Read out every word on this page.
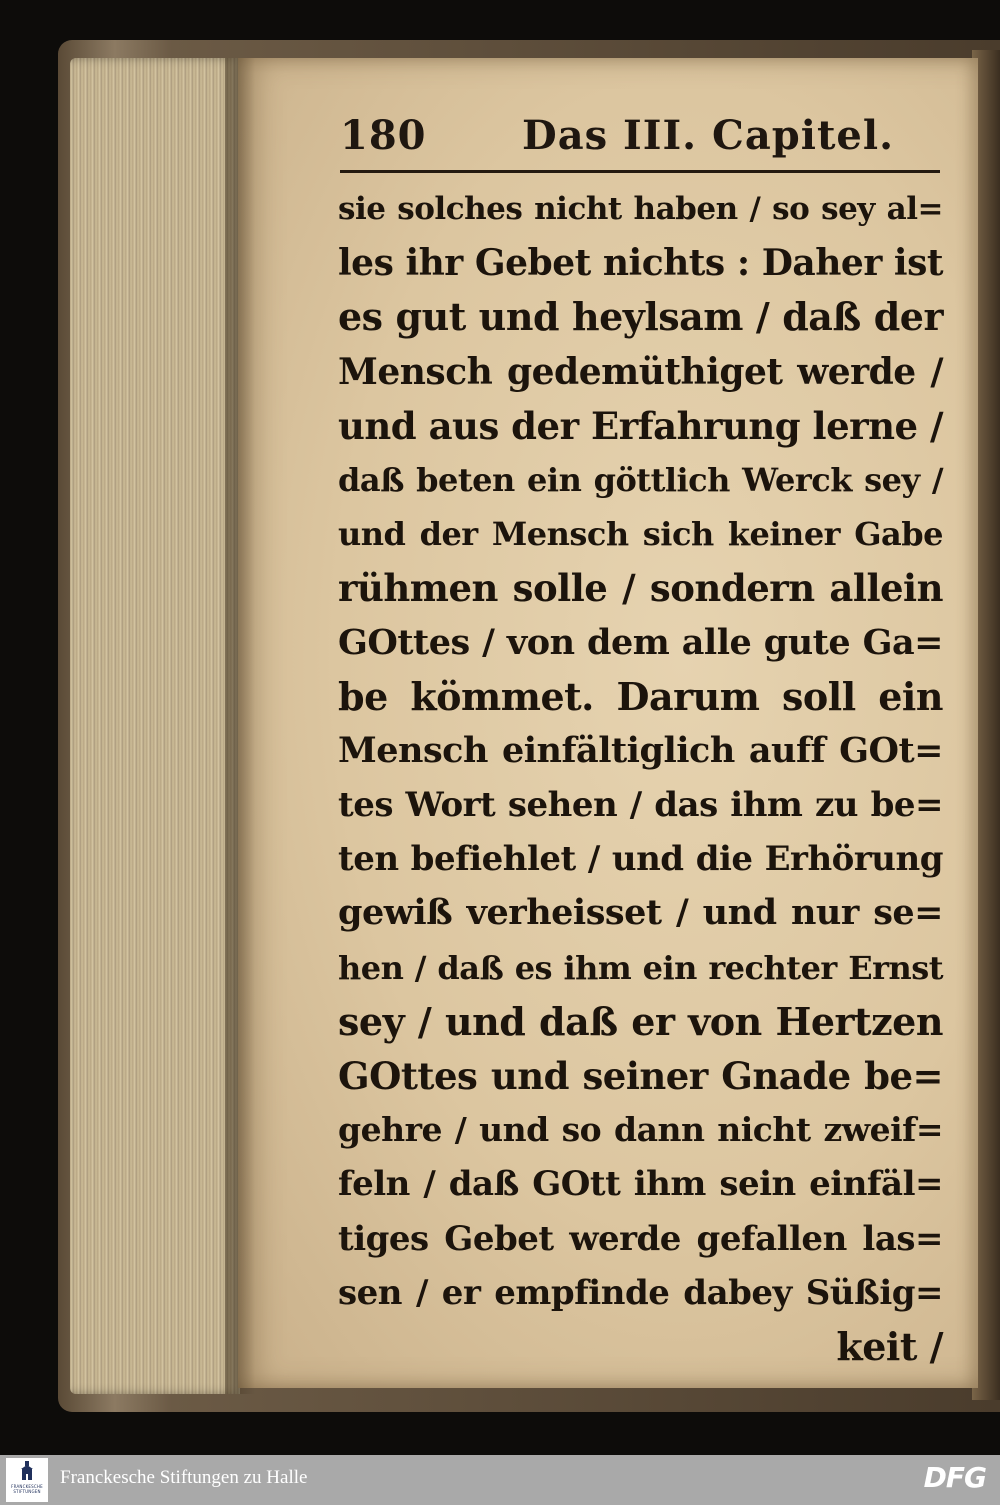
180 Das III. Capitel.
sie solches nicht haben / so sey al=
les ihr Gebet nichts : Daher ist
es gut und heylsam / daß der
Mensch gedemüthiget werde /
und aus der Erfahrung lerne /
daß beten ein göttlich Werck sey /
und der Mensch sich keiner Gabe
rühmen solle / sondern allein
GOttes / von dem alle gute Ga=
be kömmet. Darum soll ein
Mensch einfältiglich auff GOt=
tes Wort sehen / das ihm zu be=
ten befiehlet / und die Erhörung
gewiß verheisset / und nur se=
hen / daß es ihm ein rechter Ernst
sey / und daß er von Hertzen
GOttes und seiner Gnade be=
gehre / und so dann nicht zweif=
feln / daß GOtt ihm sein einfäl=
tiges Gebet werde gefallen las=
sen / er empfinde dabey Süßig=
keit /
FRANCKESCHE STIFTUNGEN
Franckesche Stiftungen zu Halle	DFG
